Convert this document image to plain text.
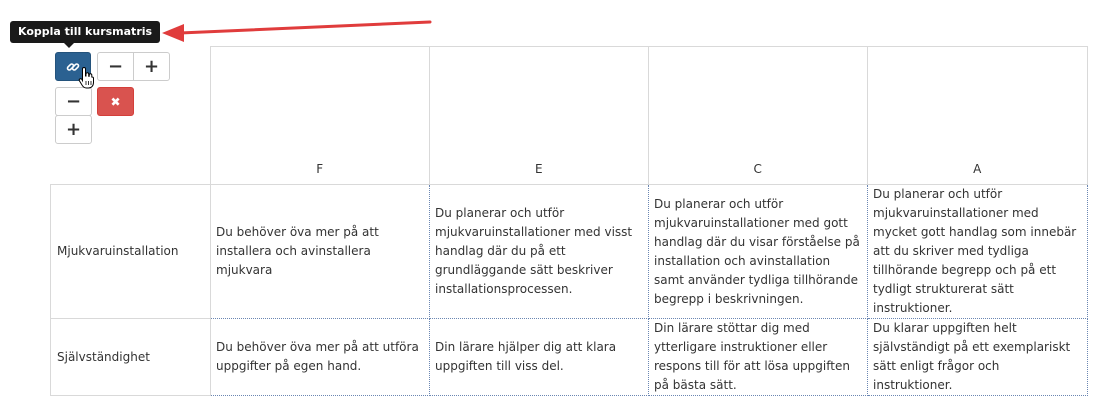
Koppla till kursmatris
− +
− ✖
+
	F	E	C	A
Mjukvaruinstallation	Du behöver öva mer på att installera och avinstallera mjukvara	Du planerar och utför mjukvaruinstallationer med visst handlag där du på ett grundläggande sätt beskriver installationsprocessen.	Du planerar och utför mjukvaruinstallationer med gott handlag där du visar förståelse på installation och avinstallation samt använder tydliga tillhörande begrepp i beskrivningen.	Du planerar och utför mjukvaruinstallationer med mycket gott handlag som innebär att du skriver med tydliga tillhörande begrepp och på ett tydligt strukturerat sätt instruktioner.
Självständighet	Du behöver öva mer på att utföra uppgifter på egen hand.	Din lärare hjälper dig att klara uppgiften till viss del.	Din lärare stöttar dig med ytterligare instruktioner eller respons till för att lösa uppgiften på bästa sätt.	Du klarar uppgiften helt självständigt på ett exemplariskt sätt enligt frågor och instruktioner.
